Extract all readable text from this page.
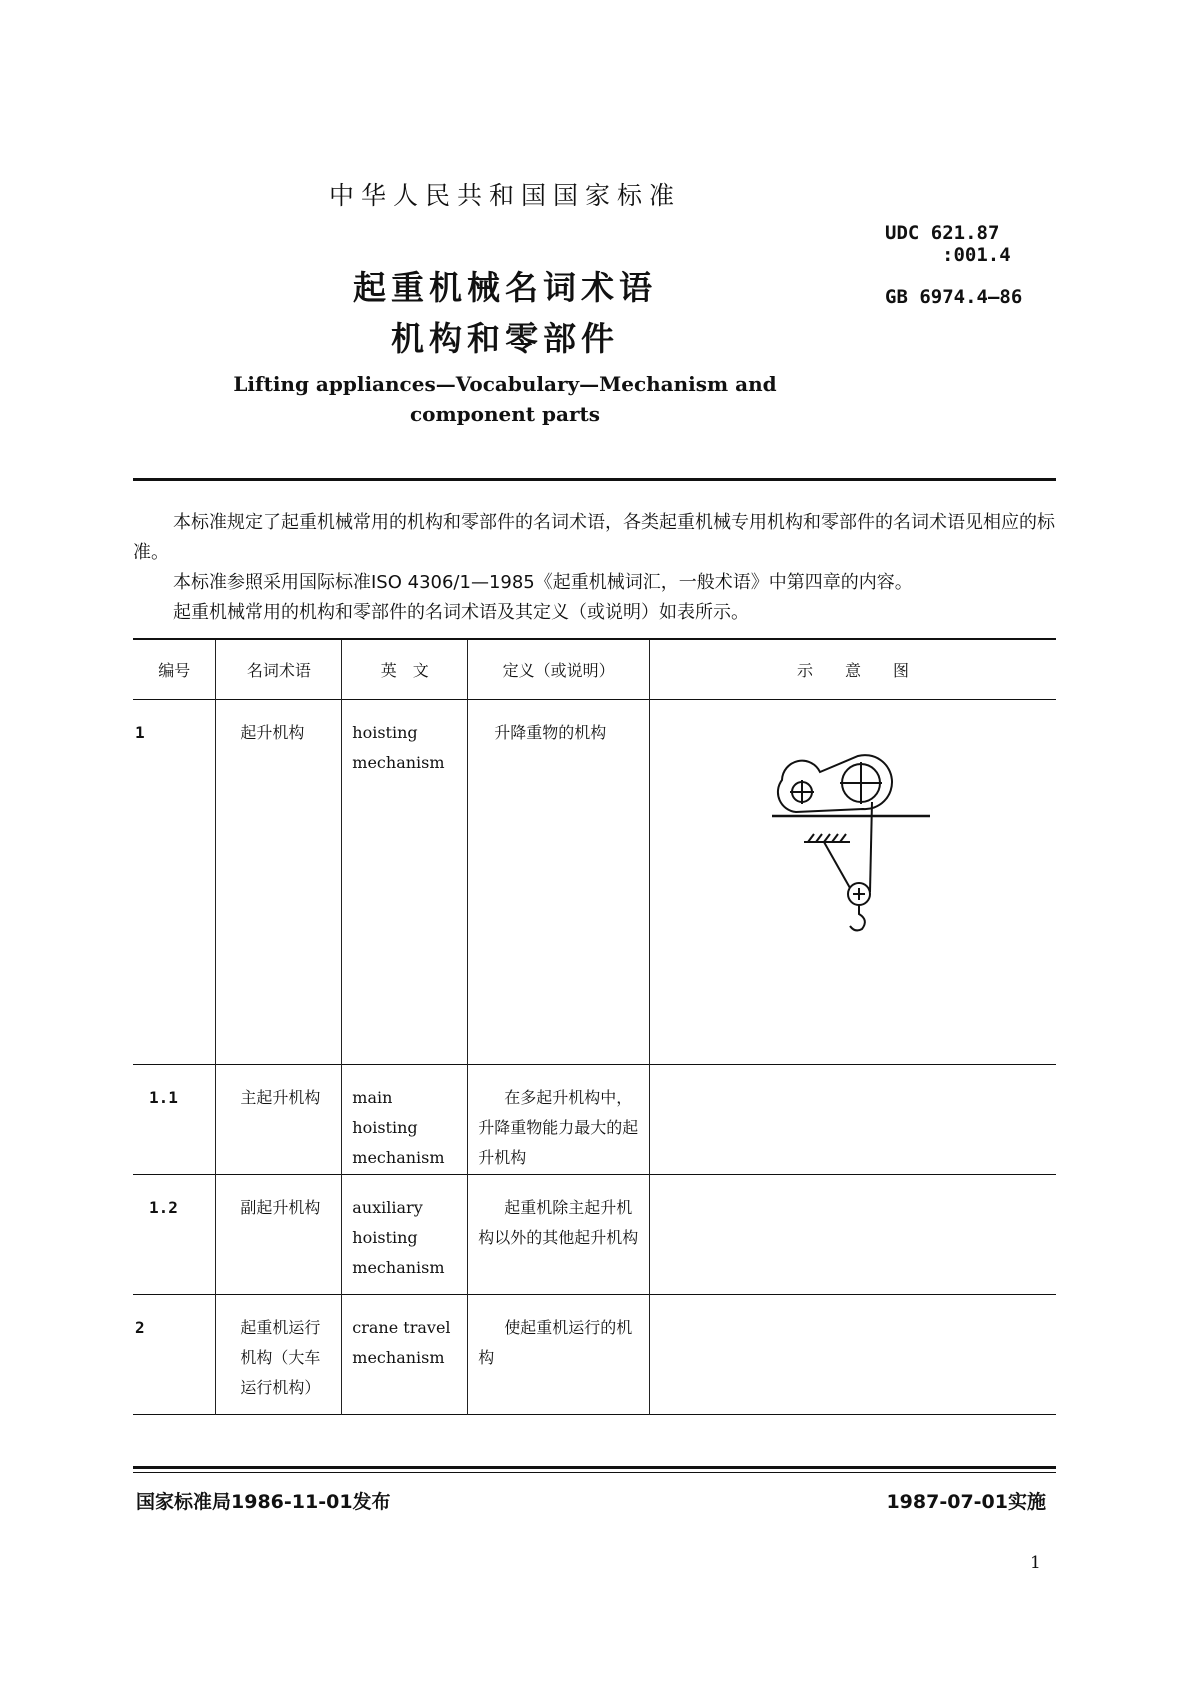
中华人民共和国国家标准
UDC 621.87
:001.4
GB 6974.4—86
起重机械名词术语
机构和零部件
Lifting appliances—Vocabulary—Mechanism and
component parts
本标准规定了起重机械常用的机构和零部件的名词术语，各类起重机械专用机构和零部件的名词术语见相应的标准。
本标准参照采用国际标准ISO 4306/1—1985《起重机械词汇，一般术语》中第四章的内容。
起重机械常用的机构和零部件的名词术语及其定义（或说明）如表所示。
编号	名词术语	英　文	定义（或说明）	示　　意　　图

1	起升机构	hoisting
mechanism	升降重物的机构

1.1	主起升机构	main hoisting
mechanism	在多起升机构中，升降重物能力最大的起升机构	

1.2	副起升机构	auxiliary
hoisting
mechanism	起重机除主起升机构以外的其他起升机构	

2	起重机运行机构（大车运行机构）	crane travel
mechanism	使起重机运行的机构	

国家标准局1986-11-01发布	1987-07-01实施
1
